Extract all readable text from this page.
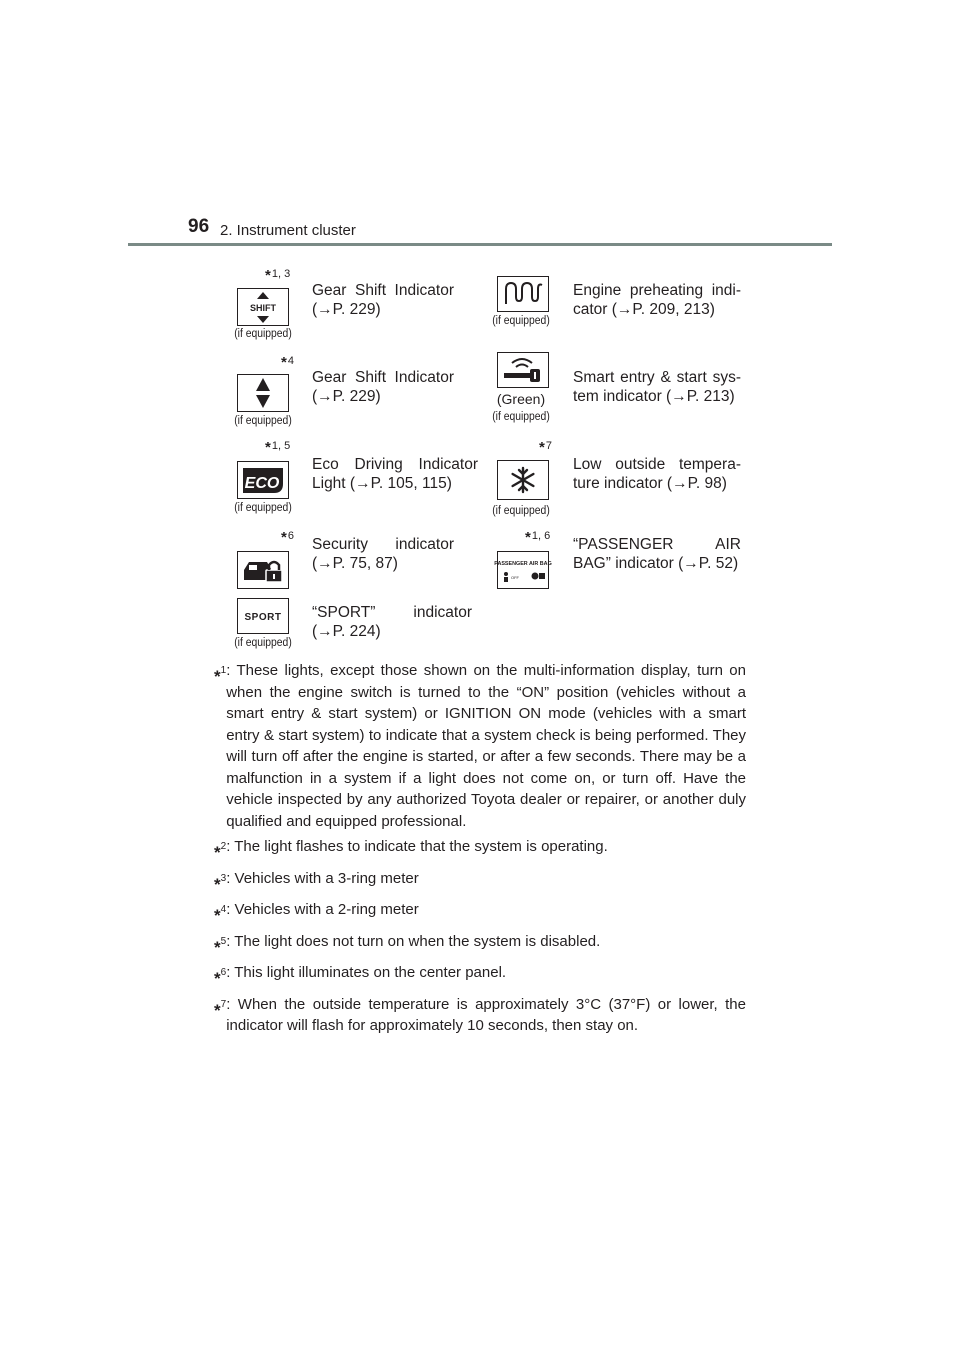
96 2. Instrument cluster
*1, 3
SHIFT
(if equipped)
Gear Shift Indicator (→P. 229)
(if equipped)
Engine preheating indi-cator (→P. 209, 213)
*4
(if equipped)
Gear Shift Indicator (→P. 229)	(Green)
(if equipped)
Smart entry & start sys-tem indicator (→P. 213)
*1, 5
ECO
(if equipped)
Eco Driving Indicator Light (→P. 105, 115)
*7
(if equipped)
Low outside tempera-ture indicator (→P. 98)
*6 Security indicator (→P. 75, 87)
*1, 6
PASSENGER AIR BAG
OFF
“PASSENGER AIR BAG” indicator (→P. 52)
SPORT
(if equipped)
“SPORT” indicator (→P. 224)
*$^1$ : These lights, except those shown on the multi-information display, turn on when the engine switch is turned to the “ON” position (vehicles without a smart entry & start system) or IGNITION ON mode (vehicles with a smart entry & start system) to indicate that a system check is being performed. They will turn off after the engine is started, or after a few seconds. There may be a malfunction in a system if a light does not come on, or turn off. Have the vehicle inspected by any authorized Toyota dealer or repairer, or another duly qualified and equipped professional.
*$^2$ : The light flashes to indicate that the system is operating.
*$^3$ : Vehicles with a 3-ring meter
*$^4$ : Vehicles with a 2-ring meter
*$^5$ : The light does not turn on when the system is disabled.
*$^6$ : This light illuminates on the center panel.
*$^7$ : When the outside temperature is approximately 3°C (37°F) or lower, the indicator will flash for approximately 10 seconds, then stay on.
